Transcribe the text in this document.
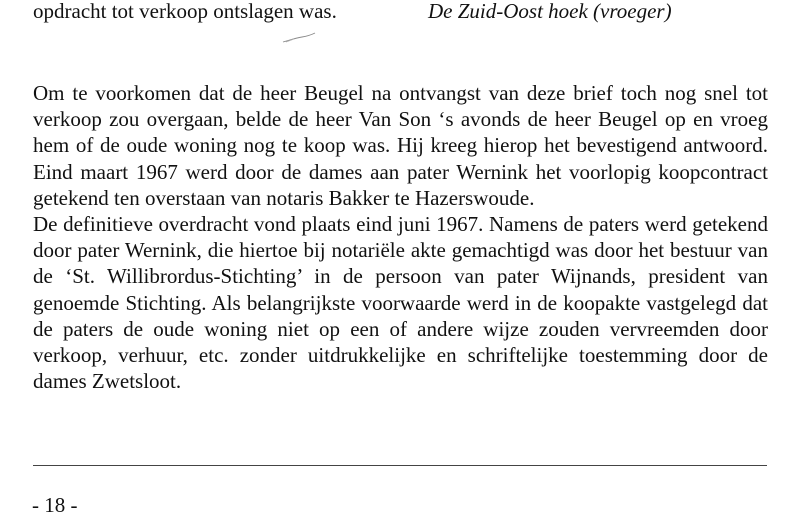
opdracht tot verkoop ontslagen was.	De Zuid-Oost hoek (vroeger)

Om te voorkomen dat de heer Beugel na ontvangst van deze brief toch nog snel tot verkoop zou overgaan, belde de heer Van Son ‘s avonds de heer Beugel op en vroeg hem of de oude woning nog te koop was. Hij kreeg hierop het bevestigend antwoord. Eind maart 1967 werd door de dames aan pater Wernink het voorlopig koopcontract getekend ten overstaan van notaris Bakker te Hazerswoude.

De definitieve overdracht vond plaats eind juni 1967. Namens de paters werd getekend door pater Wernink, die hiertoe bij notariële akte gemachtigd was door het bestuur van de ‘St. Willibrordus-Stichting’ in de persoon van pater Wijnands, president van genoemde Stichting. Als belangrijkste voorwaarde werd in de koopakte vastgelegd dat de paters de oude woning niet op een of andere wijze zouden vervreemden door verkoop, verhuur, etc. zonder uitdrukkelijke en schriftelijke toestemming door de dames Zwetsloot.

- 18 -
